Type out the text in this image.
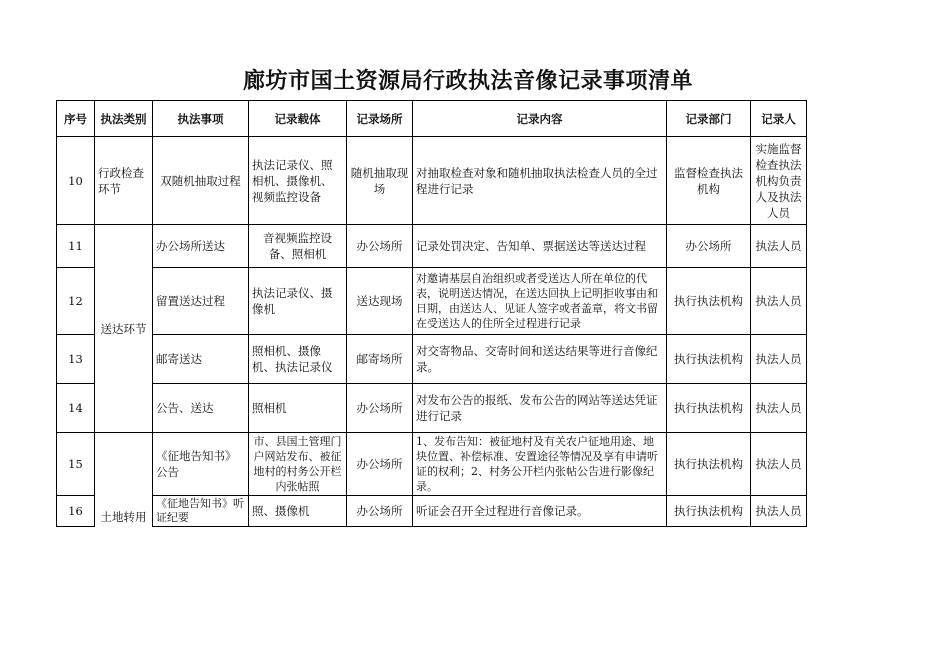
廊坊市国土资源局行政执法音像记录事项清单
序号	执法类别	执法事项	记录载体	记录场所	记录内容	记录部门	记录人
10	行政检查环节	双随机抽取过程	执法记录仪、照相机、摄像机、视频监控设备	随机抽取现场	对抽取检查对象和随机抽取执法检查人员的全过程进行记录	监督检查执法机构	实施监督检查执法机构负责人及执法人员
11	送达环节	办公场所送达	音视频监控设备、照相机	办公场所	记录处罚决定、告知单、票据送达等送达过程	办公场所	执法人员
12		留置送达过程	执法记录仪、摄像机	送达现场	对邀请基层自治组织或者受送达人所在单位的代表，说明送达情况，在送达回执上记明拒收事由和日期，由送达人、见证人签字或者盖章，将文书留在受送达人的住所全过程进行记录	执行执法机构	执法人员
13		邮寄送达	照相机、摄像机、执法记录仪	邮寄场所	对交寄物品、交寄时间和送达结果等进行音像纪录。	执行执法机构	执法人员
14		公告、送达	照相机	办公场所	对发布公告的报纸、发布公告的网站等送达凭证进行记录	执行执法机构	执法人员
15	土地转用	《征地告知书》公告	市、县国土管理门户网站发布、被征地村的村务公开栏内张帖照	办公场所	1、发布告知：被征地村及有关农户征地用途、地块位置、补偿标准、安置途径等情况及享有申请听证的权利；2、村务公开栏内张帖公告进行影像纪录。	执行执法机构	执法人员
16		《征地告知书》听证纪要	照、摄像机	办公场所	听证会召开全过程进行音像记录。	执行执法机构	执法人员
